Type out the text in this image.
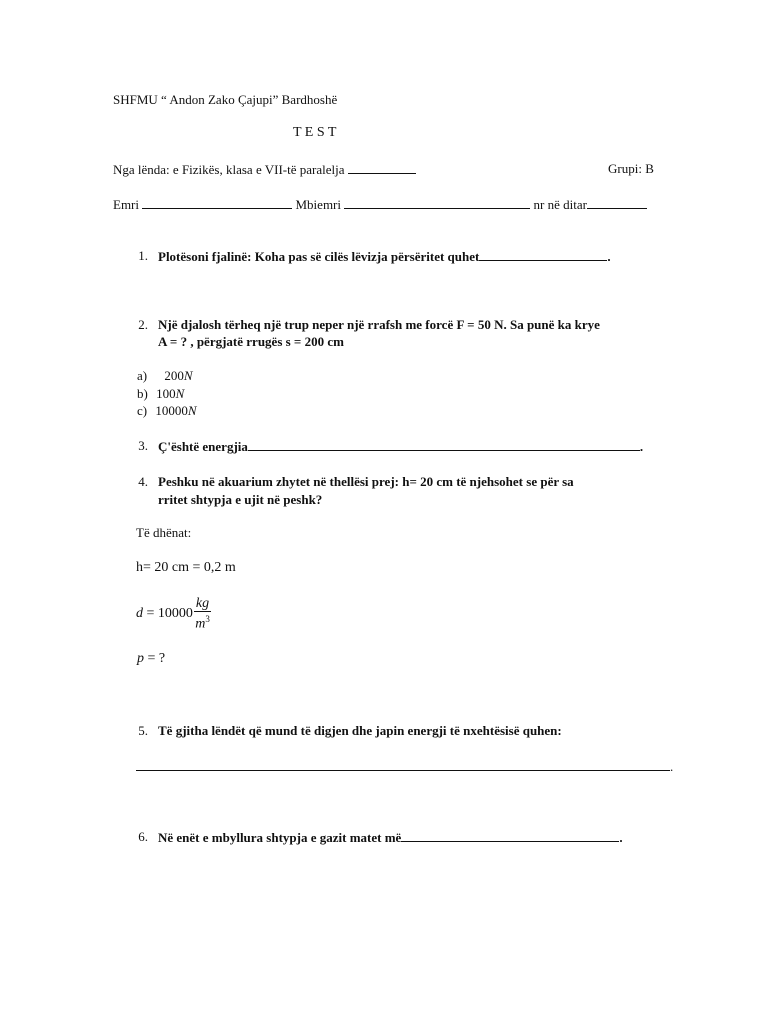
SHFMU “ Andon Zako Çajupi” Bardhoshë
T E S T
Nga lënda: e Fizikës, klasa e VII-të paralelja	Grupi: B
Emri	Mbiemri	nr në ditar
1. Plotësoni fjalinë: Koha pas së cilës lëvizja përsëritet quhet	.
2. Një djalosh tërheq një trup neper një rrafsh me forcë F = 50 N. Sa punë ka krye
A = ? , përgjatë rrugës s = 200 cm
a) 200N
b) 100N
c) 10000N
3. Ç'është energjia	.
4. Peshku në akuarium zhytet në thellësi prej: h= 20 cm të njehsohet se për sa
rritet shtypja e ujit në peshk?
Të dhënat:
h= 20 cm = 0,2 m
$d = 10000 \frac{kg}{m^3}$
p = ?
5. Të gjitha lëndët që mund të digjen dhe japin energji të nxehtësisë quhen:
.
6. Në enët e mbyllura shtypja e gazit matet më	.
